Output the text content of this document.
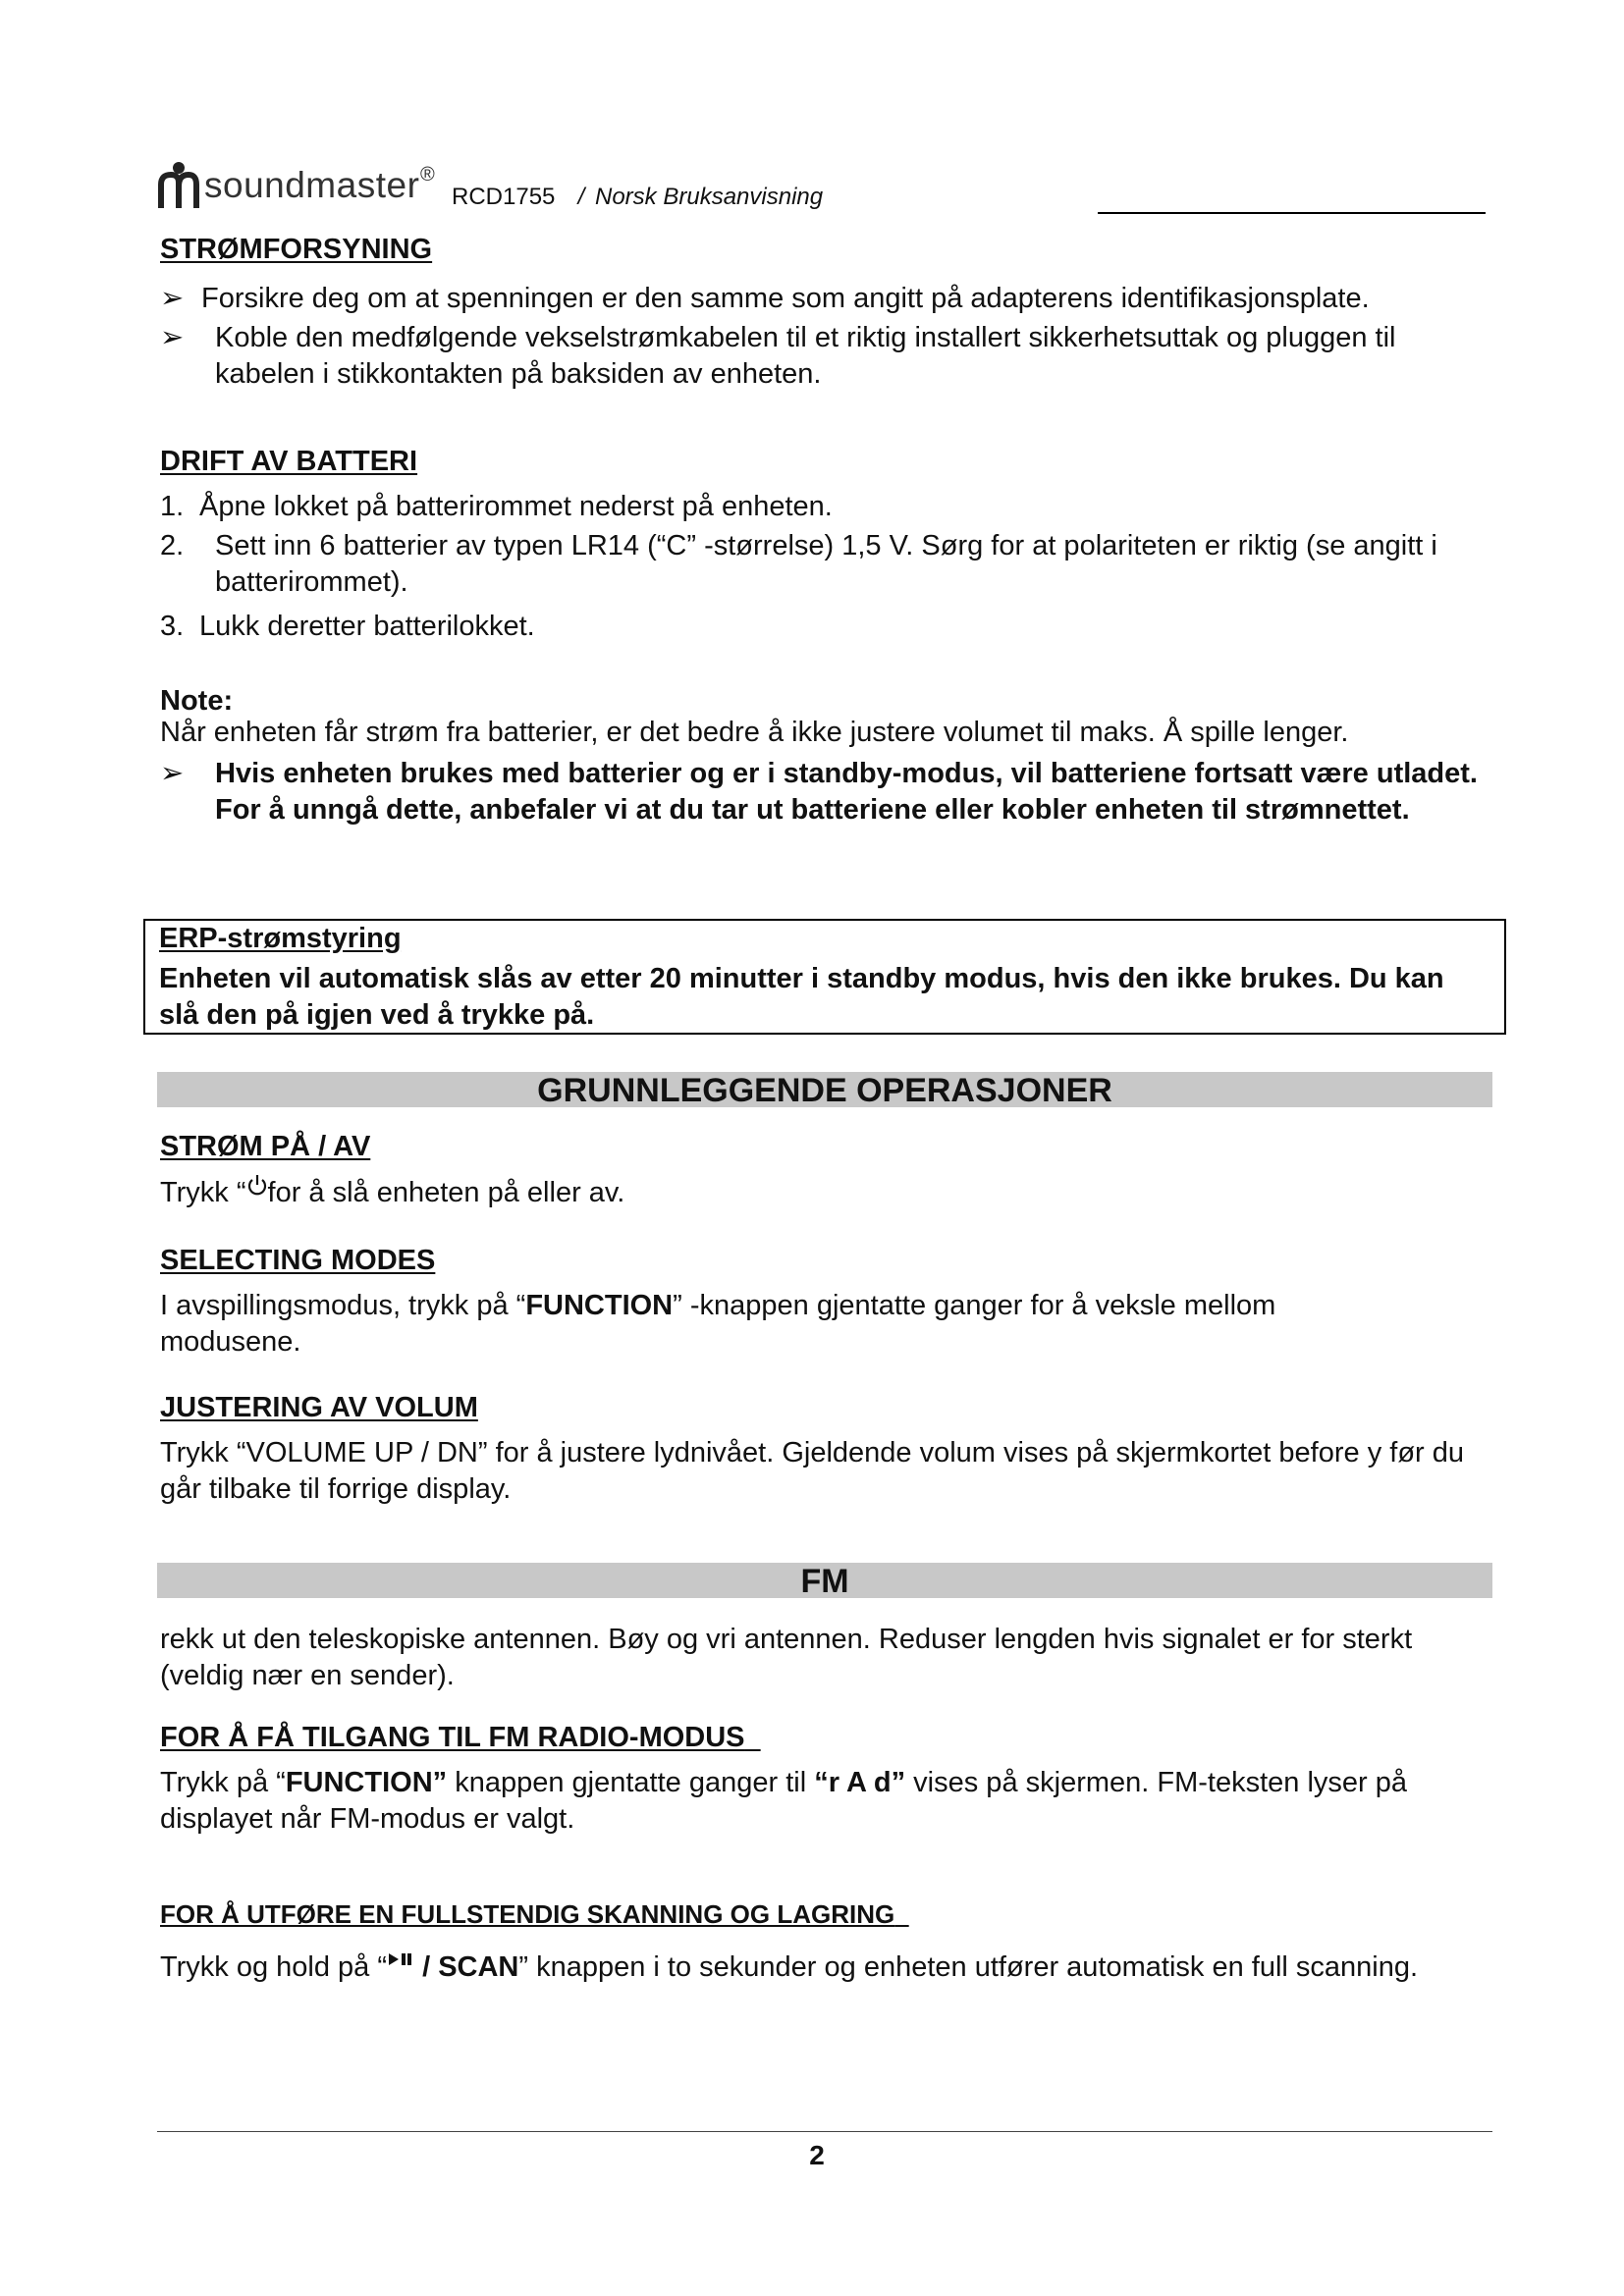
soundmaster ®
RCD1755 / Norsk Bruksanvisning
STRØMFORSYNING
➢ Forsikre deg om at spenningen er den samme som angitt på adapterens identifikasjonsplate.
➢ Koble den medfølgende vekselstrømkabelen til et riktig installert sikkerhetsuttak og pluggen til kabelen i stikkontakten på baksiden av enheten.
DRIFT AV BATTERI
1. Åpne lokket på batterirommet nederst på enheten.
2. Sett inn 6 batterier av typen LR14 (“C” -størrelse) 1,5 V. Sørg for at polariteten er riktig (se angitt i batterirommet).
3. Lukk deretter batterilokket.
Note:
Når enheten får strøm fra batterier, er det bedre å ikke justere volumet til maks. Å spille lenger.
➢ Hvis enheten brukes med batterier og er i standby-modus, vil batteriene fortsatt være utladet. For å unngå dette, anbefaler vi at du tar ut batteriene eller kobler enheten til strømnettet.
ERP-strømstyring
Enheten vil automatisk slås av etter 20 minutter i standby modus, hvis den ikke brukes. Du kan slå den på igjen ved å trykke på.
GRUNNLEGGENDE OPERASJONER
STRØM PÅ / AV
Trykk “ for å slå enheten på eller av.
SELECTING MODES
I avspillingsmodus, trykk på “FUNCTION” -knappen gjentatte ganger for å veksle mellom modusene.
JUSTERING AV VOLUM
Trykk “VOLUME UP / DN” for å justere lydnivået. Gjeldende volum vises på skjermkortet before y før du går tilbake til forrige display.
FM
rekk ut den teleskopiske antennen. Bøy og vri antennen. Reduser lengden hvis signalet er for sterkt (veldig nær en sender).
FOR Å FÅ TILGANG TIL FM RADIO-MODUS
Trykk på “FUNCTION” knappen gjentatte ganger til “r A d” vises på skjermen. FM-teksten lyser på displayet når FM-modus er valgt.
FOR Å UTFØRE EN FULLSTENDIG SKANNING OG LAGRING
Trykk og hold på “ / SCAN” knappen i to sekunder og enheten utfører automatisk en full scanning.
2
